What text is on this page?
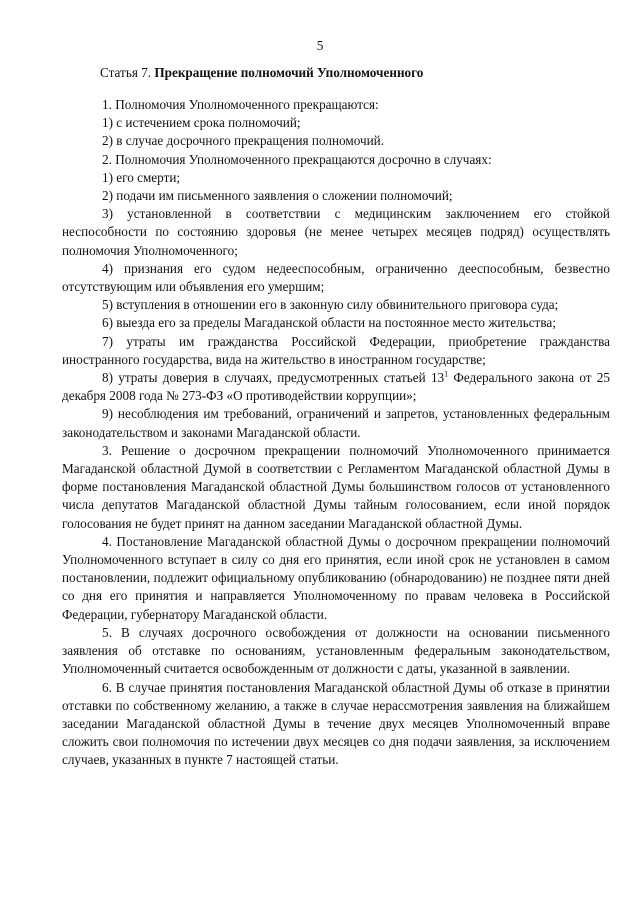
5
Статья 7. Прекращение полномочий Уполномоченного

1. Полномочия Уполномоченного прекращаются:

1) с истечением срока полномочий;

2) в случае досрочного прекращения полномочий.

2. Полномочия Уполномоченного прекращаются досрочно в случаях:

1) его смерти;

2) подачи им письменного заявления о сложении полномочий;

3) установленной в соответствии с медицинским заключением его стойкой неспособности по состоянию здоровья (не менее четырех месяцев подряд) осуществлять полномочия Уполномоченного;

4) признания его судом недееспособным, ограниченно дееспособным, безвестно отсутствующим или объявления его умершим;

5) вступления в отношении его в законную силу обвинительного приговора суда;

6) выезда его за пределы Магаданской области на постоянное место жительства;

7) утраты им гражданства Российской Федерации, приобретение гражданства иностранного государства, вида на жительство в иностранном государстве;

8) утраты доверия в случаях, предусмотренных статьей $13^1$ Федерального закона от 25 декабря 2008 года № 273-ФЗ «О противодействии коррупции»;

9) несоблюдения им требований, ограничений и запретов, установленных федеральным законодательством и законами Магаданской области.

3. Решение о досрочном прекращении полномочий Уполномоченного принимается Магаданской областной Думой в соответствии с Регламентом Магаданской областной Думы в форме постановления Магаданской областной Думы большинством голосов от установленного числа депутатов Магаданской областной Думы тайным голосованием, если иной порядок голосования не будет принят на данном заседании Магаданской областной Думы.

4. Постановление Магаданской областной Думы о досрочном прекращении полномочий Уполномоченного вступает в силу со дня его принятия, если иной срок не установлен в самом постановлении, подлежит официальному опубликованию (обнародованию) не позднее пяти дней со дня его принятия и направляется Уполномоченному по правам человека в Российской Федерации, губернатору Магаданской области.

5. В случаях досрочного освобождения от должности на основании письменного заявления об отставке по основаниям, установленным федеральным законодательством, Уполномоченный считается освобожденным от должности с даты, указанной в заявлении.

6. В случае принятия постановления Магаданской областной Думы об отказе в принятии отставки по собственному желанию, а также в случае нерассмотрения заявления на ближайшем заседании Магаданской областной Думы в течение двух месяцев Уполномоченный вправе сложить свои полномочия по истечении двух месяцев со дня подачи заявления, за исключением случаев, указанных в пункте 7 настоящей статьи.
